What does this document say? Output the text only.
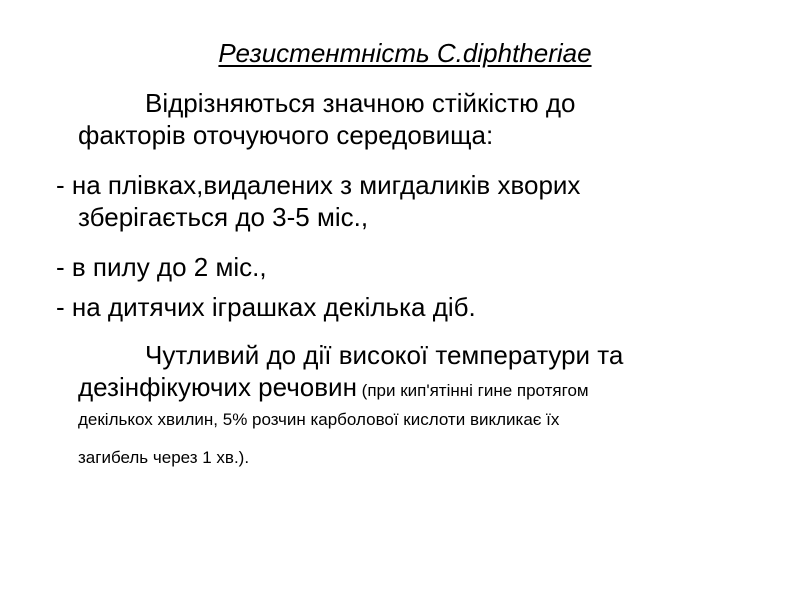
Резистентність C.diphtheriae
Відрізняються значною стійкістю до
факторів оточуючого середовища:
- на плівках,видалених з мигдаликів хворих
зберігається до 3-5 міс.,
- в пилу до 2 міс.,
- на дитячих іграшках декілька діб.
Чутливий до дії високої температури та
дезінфікуючих речовин (при кип'ятінні гине протягом
декількох хвилин, 5% розчин карболової кислоти викликає їх
загибель через 1 хв.).
